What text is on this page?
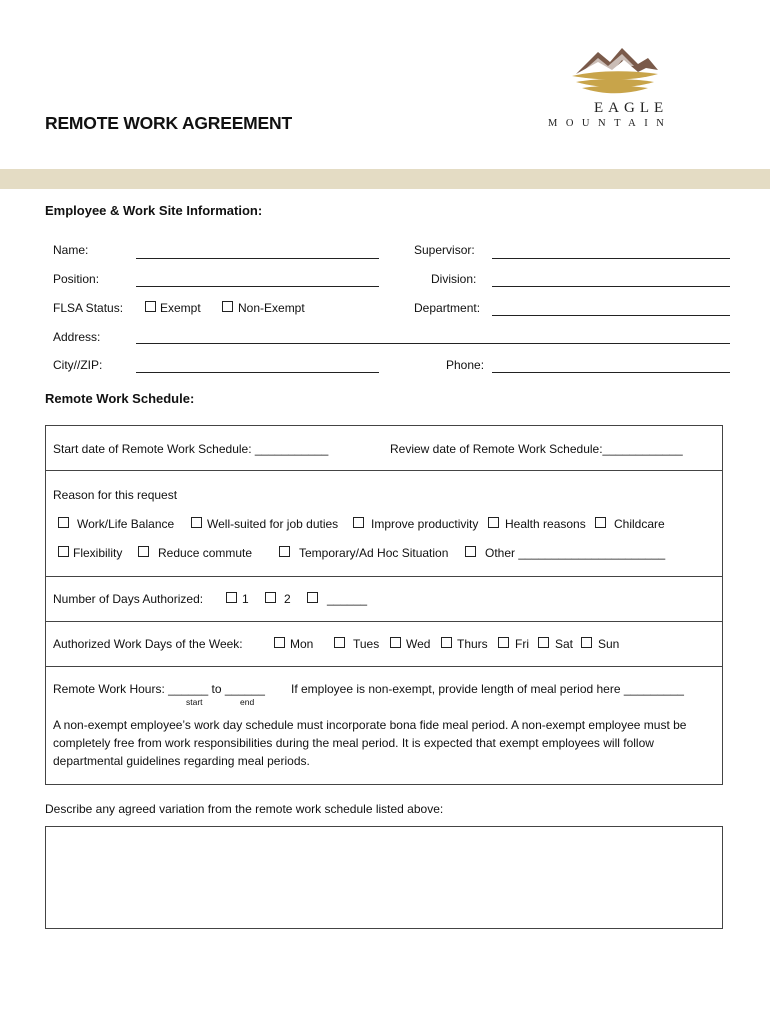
REMOTE WORK AGREEMENT
EAGLE
MOUNTAIN
Employee & Work Site Information:
Name:	Supervisor:
Position:	Division:
FLSA Status:	Exempt	Non-Exempt	Department:
Address:
City//ZIP:	Phone:
Remote Work Schedule:
Start date of Remote Work Schedule: ___________	Review date of Remote Work Schedule:____________
Reason for this request
Work/Life Balance	Well-suited for job duties	Improve productivity Health reasons Childcare
Flexibility	Reduce commute	Temporary/Ad Hoc Situation	Other ______________________
Number of Days Authorized:	1	2	______
Authorized Work Days of the Week:	Mon	Tues Wed Thurs Fri Sat Sun
Remote Work Hours: ______ to ______
start	end
If employee is non-exempt, provide length of meal period here _________
A non-exempt employee’s work day schedule must incorporate bona fide meal period. A non-exempt employee must be completely free from work responsibilities during the meal period. It is expected that exempt employees will follow departmental guidelines regarding meal periods.
Describe any agreed variation from the remote work schedule listed above:
